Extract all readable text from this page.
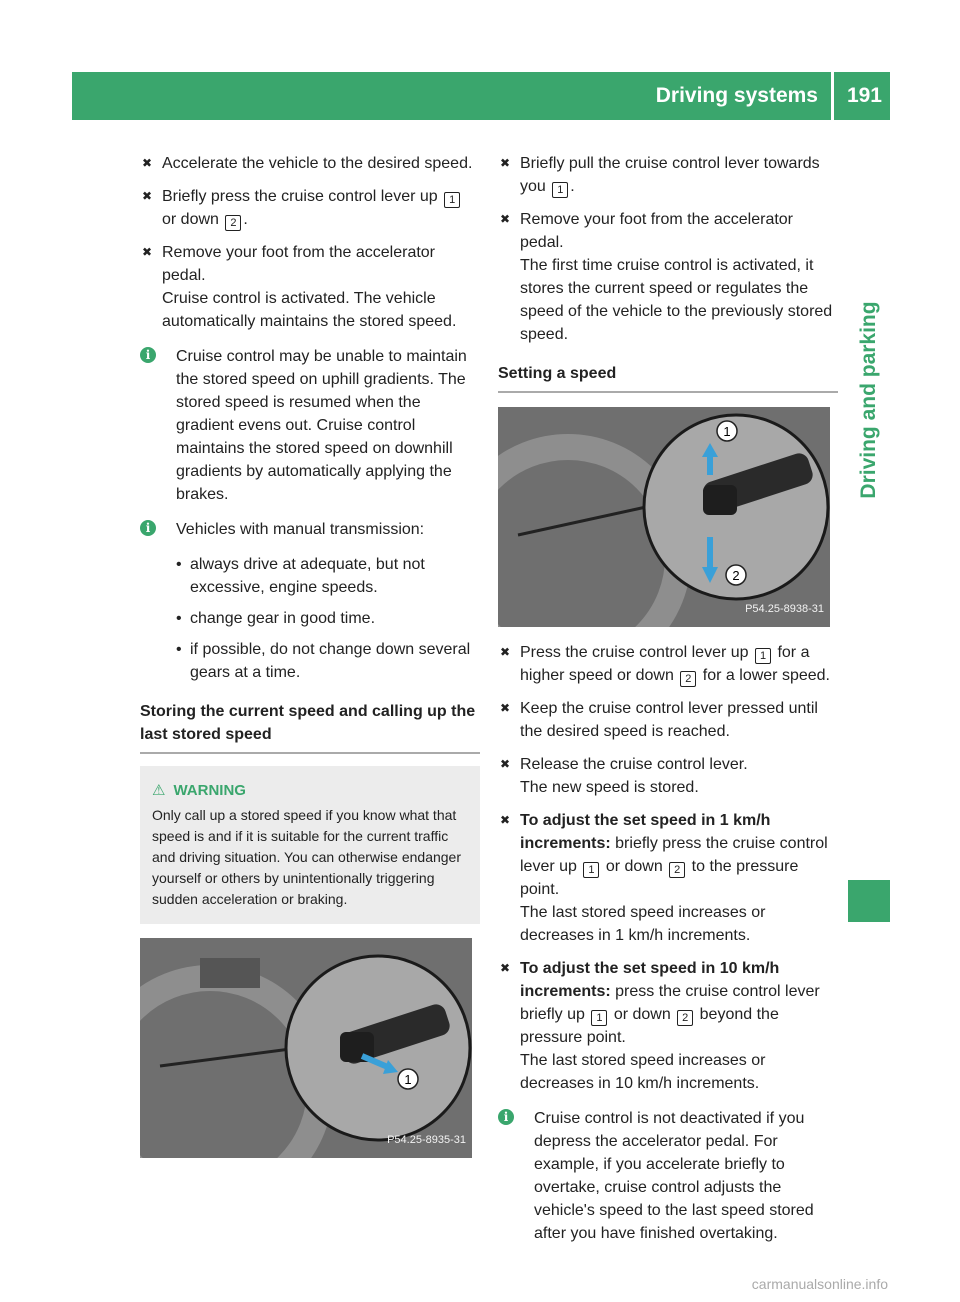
Driving systems 191
Driving and parking
✖ Accelerate the vehicle to the desired speed.
✖ Briefly press the cruise control lever up 1 or down 2 .
✖ Remove your foot from the accelerator pedal.
Cruise control is activated. The vehicle automatically maintains the stored speed.
i	Cruise control may be unable to maintain the stored speed on uphill gradients. The stored speed is resumed when the gradient evens out. Cruise control maintains the stored speed on downhill gradients by automatically applying the brakes.
i	Vehicles with manual transmission:
• always drive at adequate, but not excessive, engine speeds.
• change gear in good time.
• if possible, do not change down several gears at a time.
Storing the current speed and calling up the last stored speed
⚠ WARNING
Only call up a stored speed if you know what that speed is and if it is suitable for the current traffic and driving situation. You can otherwise endanger yourself or others by unintentionally triggering sudden acceleration or braking.
1
P54.25-8935-31
✖ Briefly pull the cruise control lever towards you 1 .
✖ Remove your foot from the accelerator pedal.
The first time cruise control is activated, it stores the current speed or regulates the speed of the vehicle to the previously stored speed.
Setting a speed
1
2
P54.25-8938-31
✖ Press the cruise control lever up 1 for a higher speed or down 2 for a lower speed.
✖ Keep the cruise control lever pressed until the desired speed is reached.
✖ Release the cruise control lever.
The new speed is stored.
✖ To adjust the set speed in 1 km/h increments: briefly press the cruise control lever up 1 or down 2 to the pressure point.
The last stored speed increases or decreases in 1 km/h increments.
✖ To adjust the set speed in 10 km/h increments: press the cruise control lever briefly up 1 or down 2 beyond the pressure point.
The last stored speed increases or decreases in 10 km/h increments.
i	Cruise control is not deactivated if you depress the accelerator pedal. For example, if you accelerate briefly to overtake, cruise control adjusts the vehicle's speed to the last speed stored after you have finished overtaking.
carmanualsonline.info
